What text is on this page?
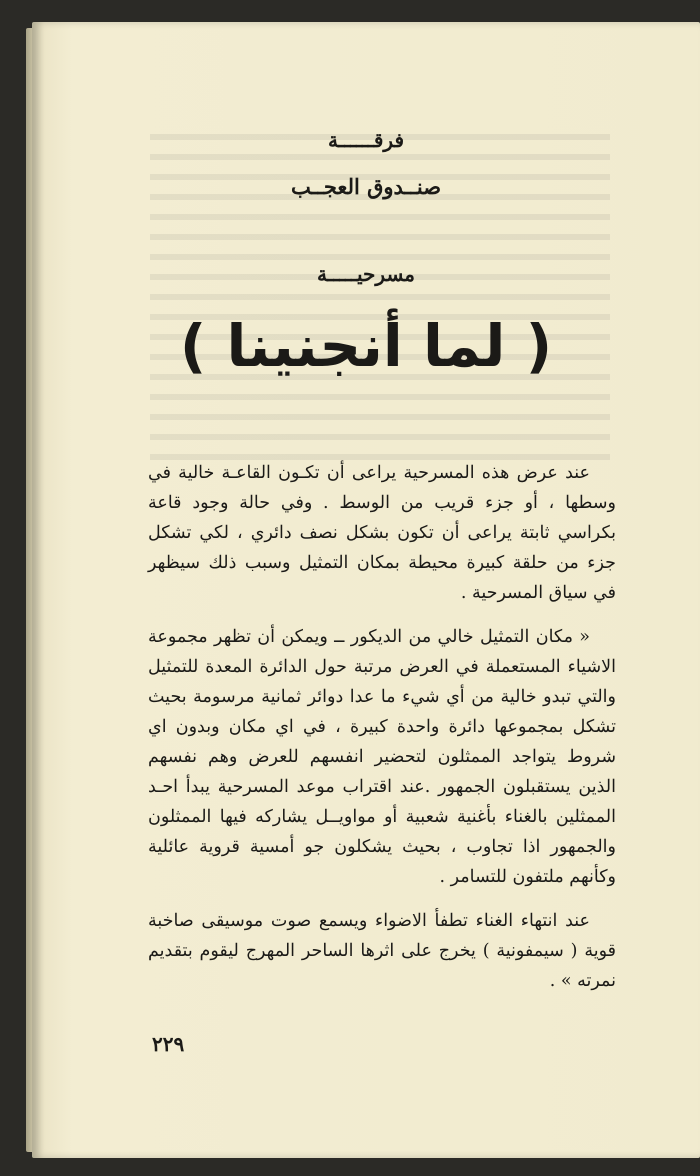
فرقــــــة
صنــدوق العجــب
مسرحيـــــة
( لما أنجنينا )

عند عرض هذه المسرحية يراعى أن تكـون القاعـة خالية في وسطها ، أو جزء قريب من الوسط . وفي حالة وجود قاعة بكراسي ثابتة يراعى أن تكون بشكل نصف دائري ، لكي تشكل جزء من حلقة كبيرة محيطة بمكان التمثيل وسبب ذلك سيظهر في سياق المسرحية .

« مكان التمثيل خالي من الديكور ــ ويمكن أن تظهر مجموعة الاشياء المستعملة في العرض مرتبة حول الدائرة المعدة للتمثيل والتي تبدو خالية من أي شيء ما عدا دوائر ثمانية مرسومة بحيث تشكل بمجموعها دائرة واحدة كبيرة ، في اي مكان وبدون اي شروط يتواجد الممثلون لتحضير انفسهم للعرض وهم نفسهم الذين يستقبلون الجمهور .عند اقتراب موعد المسرحية يبدأ احـد الممثلين بالغناء بأغنية شعبية أو مواويــل يشاركه فيها الممثلون والجمهور اذا تجاوب ، بحيث يشكلون جو أمسية قروية عائلية وكأنهم ملتفون للتسامر .

عند انتهاء الغناء تطفأ الاضواء ويسمع صوت موسيقى صاخبة قوية ( سيمفونية ) يخرج على اثرها الساحر المهرج ليقوم بتقديم نمرته » .

٢٢٩
